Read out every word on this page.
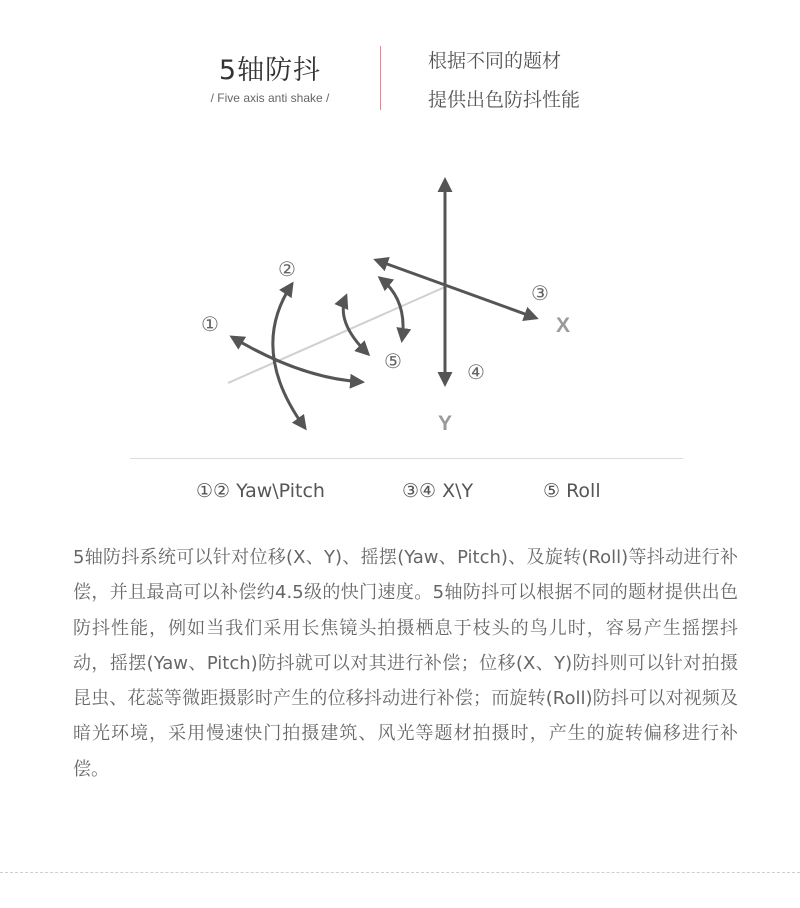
5轴防抖
/ Five axis anti shake /
根据不同的题材
提供出色防抖性能
①
②
③
④
⑤
X
Y
①② Yaw\Pitch	③④ X\Y	⑤ Roll
5轴防抖系统可以针对位移(X、Y)、摇摆(Yaw、Pitch)、及旋转(Roll)等抖动进行补偿，并且最高可以补偿约4.5级的快门速度。5轴防抖可以根据不同的题材提供出色防抖性能，例如当我们采用长焦镜头拍摄栖息于枝头的鸟儿时，容易产生摇摆抖动，摇摆(Yaw、Pitch)防抖就可以对其进行补偿；位移(X、Y)防抖则可以针对拍摄昆虫、花蕊等微距摄影时产生的位移抖动进行补偿；而旋转(Roll)防抖可以对视频及暗光环境，采用慢速快门拍摄建筑、风光等题材拍摄时，产生的旋转偏移进行补偿。
